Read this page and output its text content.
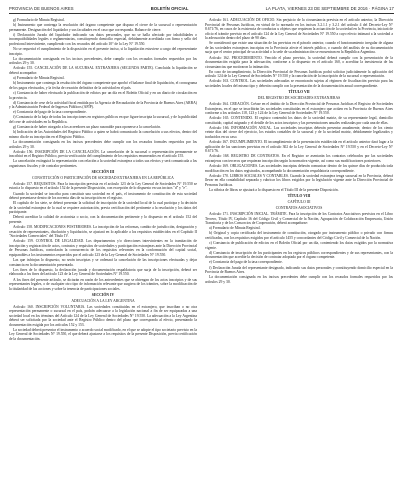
PROVINCIA DE BUENOS AIRES	BOLETÍN OFICIAL	LA PLATA, VIERNES 23 DE SEPTIEMBRE DE 2016 · PÁGINA 17

g) Formulario de Minuta Registral.

h) Instrumento que contenga la resolución del órgano competente que dispuso el cierre de la sucursal o representación permanente. Designación del liquidador y sus facultades en el caso que corresponda. Balance de cierre.

i) Declaración Jurada del liquidador indicando sus datos personales, que no se halla afectado por inhabilidades o incompatibilidades legales o reglamentarias, constituyendo domicilio especial, debidamente acreditada con firma y sello del profesional interviniente, cumpliendo con los recaudos del artículo 10° de la Ley N° 19.550.

No se requerirá el cumplimiento de la disposición en el presente inciso, si la liquidación estuviese a cargo del representante inscripto.

La documentación consignada en los incisos precedentes, debe cumplir con los recaudos formales requeridos por los artículos 29 y 30.

Artículo 155. CANCELACIÓN DE LA SUCURSAL EXTRANJERA (SEGUNDA PARTE). Concluida la liquidación se deberá acompañar:

a) Formulario de Minuta Registral.

b) Instrumento que contenga la resolución del órgano competente que aprobó el balance final de liquidación, el cronograma de los pagos efectuados, y la fecha de cesación definitiva de la actividad en el país.

c) Constancia de haber efectuado la publicación de edictos por un día en el Boletín Oficial y en un diario de circulación en la provincia.

d) Constancia de cese de la actividad fiscal emitida por la Agencia de Recaudación de la Provincia de Buenos Aires (ARBA) y la Administración Federal de Ingresos Públicos (AFIP).

e) Constancia del pago de la tasa correspondiente.

f) Constancia de la baja de todas las inscripciones en registros públicos en que figure inscripta la sucursal, y de la publicidad del cese de actividades en la República.

g) Constancia de haber otorgado a los acreedores un plazo razonable para oponerse a la cancelación.

h) Indicación de las Autoridades del Registro Público a quien se habrá comunicado la cancelación a sus efectos, dentro del mismo día de su inscripción en el Registro Público.

La documentación consignada en los incisos precedentes debe cumplir con los recaudos formales requeridos por los artículos 29 y 30.

Artículo 156. INSCRIPCIÓN DE LA CANCELACIÓN. La cancelación de la sucursal o representación permanente se inscribirá en el Registro Público, previa verificación del cumplimiento de los requisitos enumerados en el artículo 155.

La cancelación extinguirá la representación con relación a la sociedad extranjera a todos sus efectos y será comunicada a los organismos fiscales y de contralor pertinentes.

SECCIÓN III
CONSTITUCIÓN O PARTICIPACIÓN DE SOCIEDAD EXTRANJERA EN LA REPÚBLICA

Artículo 157. REQUISITOS. Para la inscripción prevista en el artículo 123 de la Ley General de Sociedades N° 19.550 se estará a lo dispuesto en el artículo 152 de la presente Disposición, con excepción de lo dispuesto en sus incisos "d" y "e".

Cuando la sociedad se inscriba para constituir una sociedad en el país, el instrumento de constitución de esta sociedad deberá presentarse dentro de los noventa días de su inscripción en el registro.

El capítulo de los siete, se deberá presentar la solicitud de inscripción de la sociedad local de la cual participa y la decisión de la sociedad extranjera de la cual se requiere autorización, previa certificación del pertinente a la resolución y los datos del participante.

Deberá acreditar la calidad de accionista o socio, con la documentación pertinente y lo dispuesto en el artículo 152 del presente.

Artículo 158. MODIFICACIONES POSTERIORES. La inscripción de las reformas, cambio de jurisdicción, designación y cesación de representantes, disolución y liquidación, se ajustará en lo aplicable a los requisitos establecidos en el Capítulo II "Sociedades Comerciales" del Título IV.

Artículo 159. CONTROL DE LEGALIDAD. Los departamentos y/o direcciones intervinientes en la tramitación de inscripción y registración de actos, contratos y requisitos de sociedades y participación extranjeras ante la Dirección Provincial de Personas Jurídicas, controlarán la concurrencia de los requisitos relevantes en la conformación del capital social, equiparables a los instrumentos requeridos por el artículo 123 de la Ley General de Sociedades N° 19.550.

Las que infrinjan lo dispuesto, no serán inscriptas y se ordenará la cancelación de las inscripciones efectuadas y dejar constancia en la documentación presentada.

Los fines de lo dispuesto, la declaración jurada y documentación respaldatoria que surja de la inscripción, deberá ser elaborada a los fines del artículo 123 de la Ley General de Sociedades N° 19.550.

A los fines del presente artículo, se dictarán en razón de los antecedentes que se obtengan de los actos inscriptos y de sus representantes legales, o de cualquier otro tipo de información relevante que surgiera de los trámites, sobre la modificación de la titularidad de las acciones y sobre la tenencia de participaciones sociales.

SECCIÓN IV
ADECUACIÓN A LA LEY ARGENTINA

Artículo 160. INSCRIPCIÓN VOLUNTARIA. Las sociedades constituidas en el extranjero, que inscriban o no otra representación permanente o sucursal en el país, podrán adecuarse a la legislación nacional a fin de ser equiparadas a una sociedad local en los términos del Artículo 124 de la Ley General de Sociedades N° 19.550. La adecuación a la Ley Argentina deberá ser solicitada por la sociedad ante el Registro Público dentro del plazo que corresponda al efecto, presentando la documentación exigida por los artículos 152 y 153.

La sociedad deberá presentar el instrumento o acuerdo social modificado, en el que se adopte el tipo societario previsto en la Ley General de Sociedades N° 19.550, el que deberá ajustarse a los requisitos de la presente Disposición, previa certificación de la documentación.

Artículo 161. ADECUACIÓN DE OFICIO. Sin perjuicio de la circunstancia prevista en el artículo anterior, la Dirección Provincial de Personas Jurídicas, en virtud de lo normado en los incisos 3.2.1.1 y 3.2.1 del artículo 4 del Decreto-Ley N° 8.671/76, en casos de la existencia de conductas u objetos que requieran la actuación de la sociedad en la Provincia, iniciará de oficio el trámite previsto en el artículo 124 de la Ley General de Sociedades N° 19.550 a cuyo efecto intimará a la sociedad a la adecuación dentro del plazo de 90 días.

Se considerará que existe una situación de las previstas en el párrafo anterior, cuando el funcionamiento irregular de alguna de las sociedades extranjeras inscriptas en la Provincia afecte el interés público, o cuando del análisis de su documentación surja que el centro principal de su actividad o la sede de su administración se encuentran en la República Argentina.

Artículo 162. PROCEDIMIENTO. Vencido el plazo previsto, la sociedad deberá cumplir con la presentación de la documentación exigida para la adecuación, conforme a lo dispuesto en el artículo 160, o acreditar la inexistencia de las circunstancias que motivaron la intimación.

En caso de incumplimiento, la Dirección Provincial de Personas Jurídicas podrá solicitar judicialmente la aplicación del artículo 124 de la Ley General de Sociedades N° 19.550 y la cancelación de la inscripción de la sucursal o representación.

Artículo 163. CONTROL. Las sociedades adecuadas se encontrarán sujetas al régimen de fiscalización previsto para las sociedades locales del mismo tipo y deberán cumplir con la presentación de la documentación anual correspondiente.

TÍTULO VII
DEL REGISTRO DE SOCIEDADES EXTRANJERAS

Artículo 164. CREACIÓN. Créase en el ámbito de la Dirección Provincial de Personas Jurídicas el Registro de Sociedades Extranjeras, en el que se inscribirán las sociedades constituidas en el extranjero que actúen en la Provincia de Buenos Aires conforme a los artículos 118, 123 y 124 de la Ley General de Sociedades N° 19.550.

Artículo 165. CONTENIDO. El registro contendrá los datos de la sociedad matriz, de su representante legal, domicilio constituido, capital asignado y el detalle de los actos inscriptos y las presentaciones anuales realizadas por cada una de ellas.

Artículo 166. INFORMACIÓN ANUAL. Las sociedades inscriptas deberán presentar anualmente, dentro de los ciento veinte días del cierre del ejercicio, los estados contables de la sucursal y de la sociedad matriz, debidamente legalizados y traducidos en su caso.

Artículo 167. INCUMPLIMIENTO. El incumplimiento de la presentación establecida en el artículo anterior dará lugar a la aplicación de las sanciones previstas en el artículo 302 de la Ley General de Sociedades N° 19.550 y en el Decreto-Ley N° 8.671/76.

Artículo 168. REGISTRO DE CONTRATOS. En el Registro se asentarán los contratos celebrados por las sociedades extranjeras con terceros que requieran inscripción según la normativa vigente, así como sus modificaciones posteriores.

Artículo 169. OBLIGACIONES. Las sociedades inscriptas deberán comunicar dentro de los quince días de producida toda modificación en los datos registrados, acompañando la documentación respaldatoria correspondiente.

Artículo 170. LIBROS SOCIALES Y CONTABLES. Cuando la sociedad extranjera tenga sucursal en la Provincia, deberá llevar en ella contabilidad separada y rubricar los libros exigidos por la legislación vigente ante la Dirección Provincial de Personas Jurídicas.

La rúbrica de libros se ajustará a lo dispuesto en el Título III de la presente Disposición.

TÍTULO VIII
CAPÍTULO III
CONTRATOS ASOCIATIVOS

Artículo 171. INSCRIPCIÓN INICIAL. TRÁMITE. Para la inscripción de los Contratos Asociativos previstos en el Libro Tercero, Título IV, Capítulo 16 del Código Civil y Comercial de la Nación, Agrupación de Colaboración Empresaria, Unión Transitoria y de los Consorcios de Cooperación, deberá acompañarse:

a) Formulario de Minuta Registral.

b) Original y copia certificada del instrumento de constitución, otorgado por instrumento público o privado con firmas certificadas, con los requisitos exigidos por el artículo 1455 y concordantes del Código Civil y Comercial de la Nación.

c) Constancia de publicación de edictos en el Boletín Oficial por un día, conteniendo los datos exigidos por la normativa vigente.

d) Constancia de inscripción de los participantes en los registros públicos correspondientes y de sus representantes, con la documentación que acredite la decisión de contratar adoptada por el órgano competente.

e) Constancia del pago de la tasa correspondiente.

f) Declaración Jurada del representante designado, indicando sus datos personales y constituyendo domicilio especial en la Provincia de Buenos Aires.

La documentación consignada en los incisos precedentes debe cumplir con los recaudos formales requeridos por los artículos 29 y 30.
